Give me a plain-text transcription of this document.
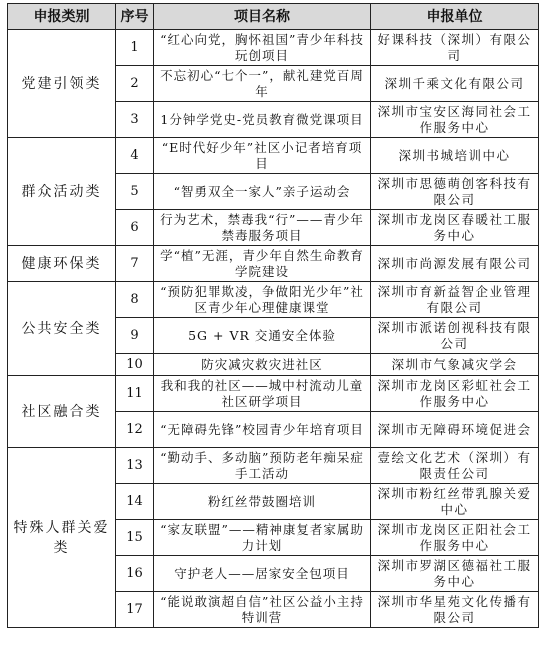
申报类别	序号	项目名称	申报单位
党建引领类	1	“红心向党，胸怀祖国”青少年科技玩创项目	好课科技（深圳）有限公司
	2	不忘初心“七个一”，献礼建党百周年	深圳千乘文化有限公司
	3	1分钟学党史-党员教育微党课项目	深圳市宝安区海同社会工作服务中心
群众活动类	4	“E时代好少年”社区小记者培育项目	深圳书城培训中心
	5	“智勇双全一家人”亲子运动会	深圳市思德萌创客科技有限公司
	6	行为艺术，禁毒我“行”——青少年禁毒服务项目	深圳市龙岗区春暖社工服务中心
健康环保类	7	学“植”无涯，青少年自然生命教育学院建设	深圳市尚源发展有限公司
公共安全类	8	“预防犯罪欺凌，争做阳光少年”社区青少年心理健康课堂	深圳市育新益智企业管理有限公司
	9	5G + VR 交通安全体验	深圳市派诺创视科技有限公司
	10	防灾减灾救灾进社区	深圳市气象减灾学会
社区融合类	11	我和我的社区——城中村流动儿童社区研学项目	深圳市龙岗区彩虹社会工作服务中心
	12	“无障碍先锋”校园青少年培育项目	深圳市无障碍环境促进会
特殊人群关爱类	13	“勤动手、多动脑”预防老年痴呆症手工活动	壹绘文化艺术（深圳）有限责任公司
	14	粉红丝带鼓圈培训	深圳市粉红丝带乳腺关爱中心
	15	“家友联盟”——精神康复者家属助力计划	深圳市龙岗区正阳社会工作服务中心
	16	守护老人——居家安全包项目	深圳市罗湖区德福社工服务中心
	17	“能说敢演超自信”社区公益小主持特训营	深圳市华星苑文化传播有限公司
